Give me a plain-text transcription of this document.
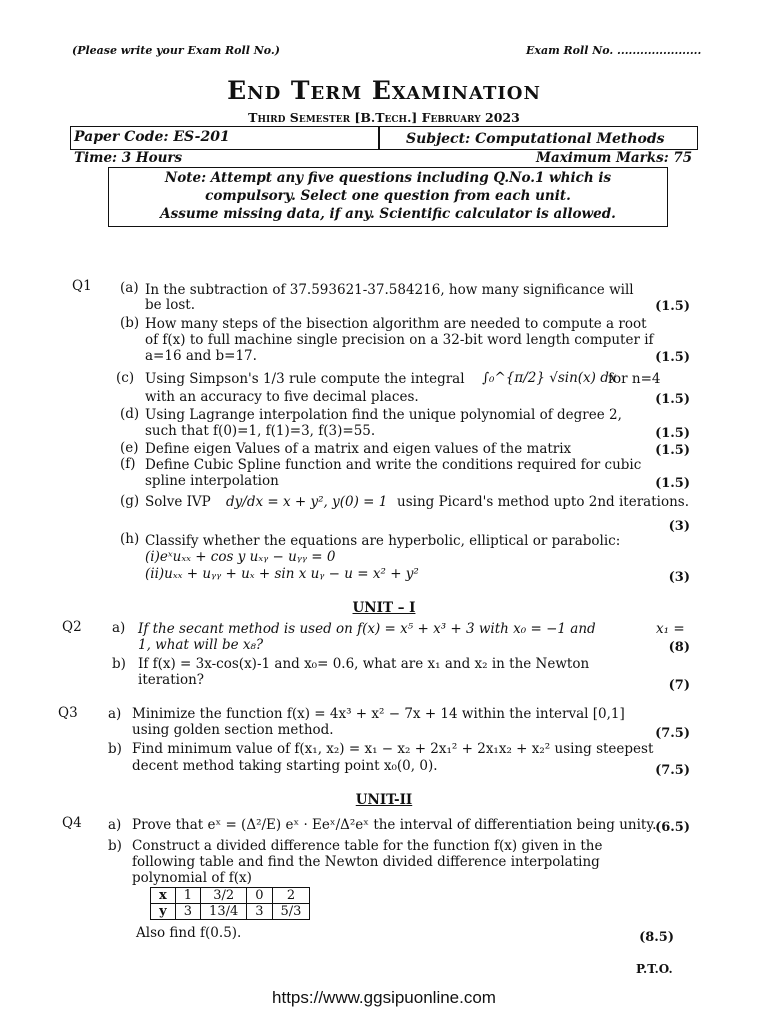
(Please write your Exam Roll No.)	Exam Roll No. ......................
End Term Examination
Third Semester [B.Tech.] February 2023
Paper Code: ES-201	Subject: Computational Methods
Time: 3 Hours	Maximum Marks: 75
Note: Attempt any five questions including Q.No.1 which is
compulsory. Select one question from each unit.
Assume missing data, if any. Scientific calculator is allowed.
Q1 (a) In the subtraction of 37.593621-37.584216, how many significance will
be lost.	(1.5)
(b) How many steps of the bisection algorithm are needed to compute a root
of f(x) to full machine single precision on a 32-bit word length computer if
a=16 and b=17.	(1.5)
(c) Using Simpson's 1/3 rule compute the integral ∫₀^{π/2} √sin(x) dx
for n=4
with an accuracy to five decimal places.	(1.5)
(d) Using Lagrange interpolation find the unique polynomial of degree 2,
such that f(0)=1, f(1)=3, f(3)=55.	(1.5)
(e) Define eigen Values of a matrix and eigen values of the matrix	(1.5)
(f) Define Cubic Spline function and write the conditions required for cubic
spline interpolation	(1.5)
(g) Solve IVP dy/dx = x + y², y(0) = 1 using Picard's method upto 2nd iterations.
(3)
(h) Classify whether the equations are hyperbolic, elliptical or parabolic:
(i)eˣuₓₓ + cos y uₓᵧ − uᵧᵧ = 0
(ii)uₓₓ + uᵧᵧ + uₓ + sin x uᵧ − u = x² + y²	(3)
UNIT – I
Q2 a) If the secant method is used on f(x) = x⁵ + x³ + 3 with x₀ = −1 and	x₁ =
1, what will be x₈?	(8)
b) If f(x) = 3x-cos(x)-1 and x₀= 0.6, what are x₁ and x₂ in the Newton
iteration?	(7)
Q3 a) Minimize the function f(x) = 4x³ + x² − 7x + 14 within the interval [0,1]
using golden section method.	(7.5)
b) Find minimum value of f(x₁, x₂) = x₁ − x₂ + 2x₁² + 2x₁x₂ + x₂² using steepest
decent method taking starting point x₀(0, 0).	(7.5)
UNIT-II
Q4 a) Prove that eˣ = (Δ²/E) eˣ · Eeˣ/Δ²eˣ the interval of differentiation being unity.
(6.5)
b) Construct a divided difference table for the function f(x) given in the
following table and find the Newton divided difference interpolating
polynomial of f(x)
x	1	3/2	0	2
y	3	13/4	3	5/3
Also find f(0.5).	(8.5)
P.T.O.
https://www.ggsipuonline.com
